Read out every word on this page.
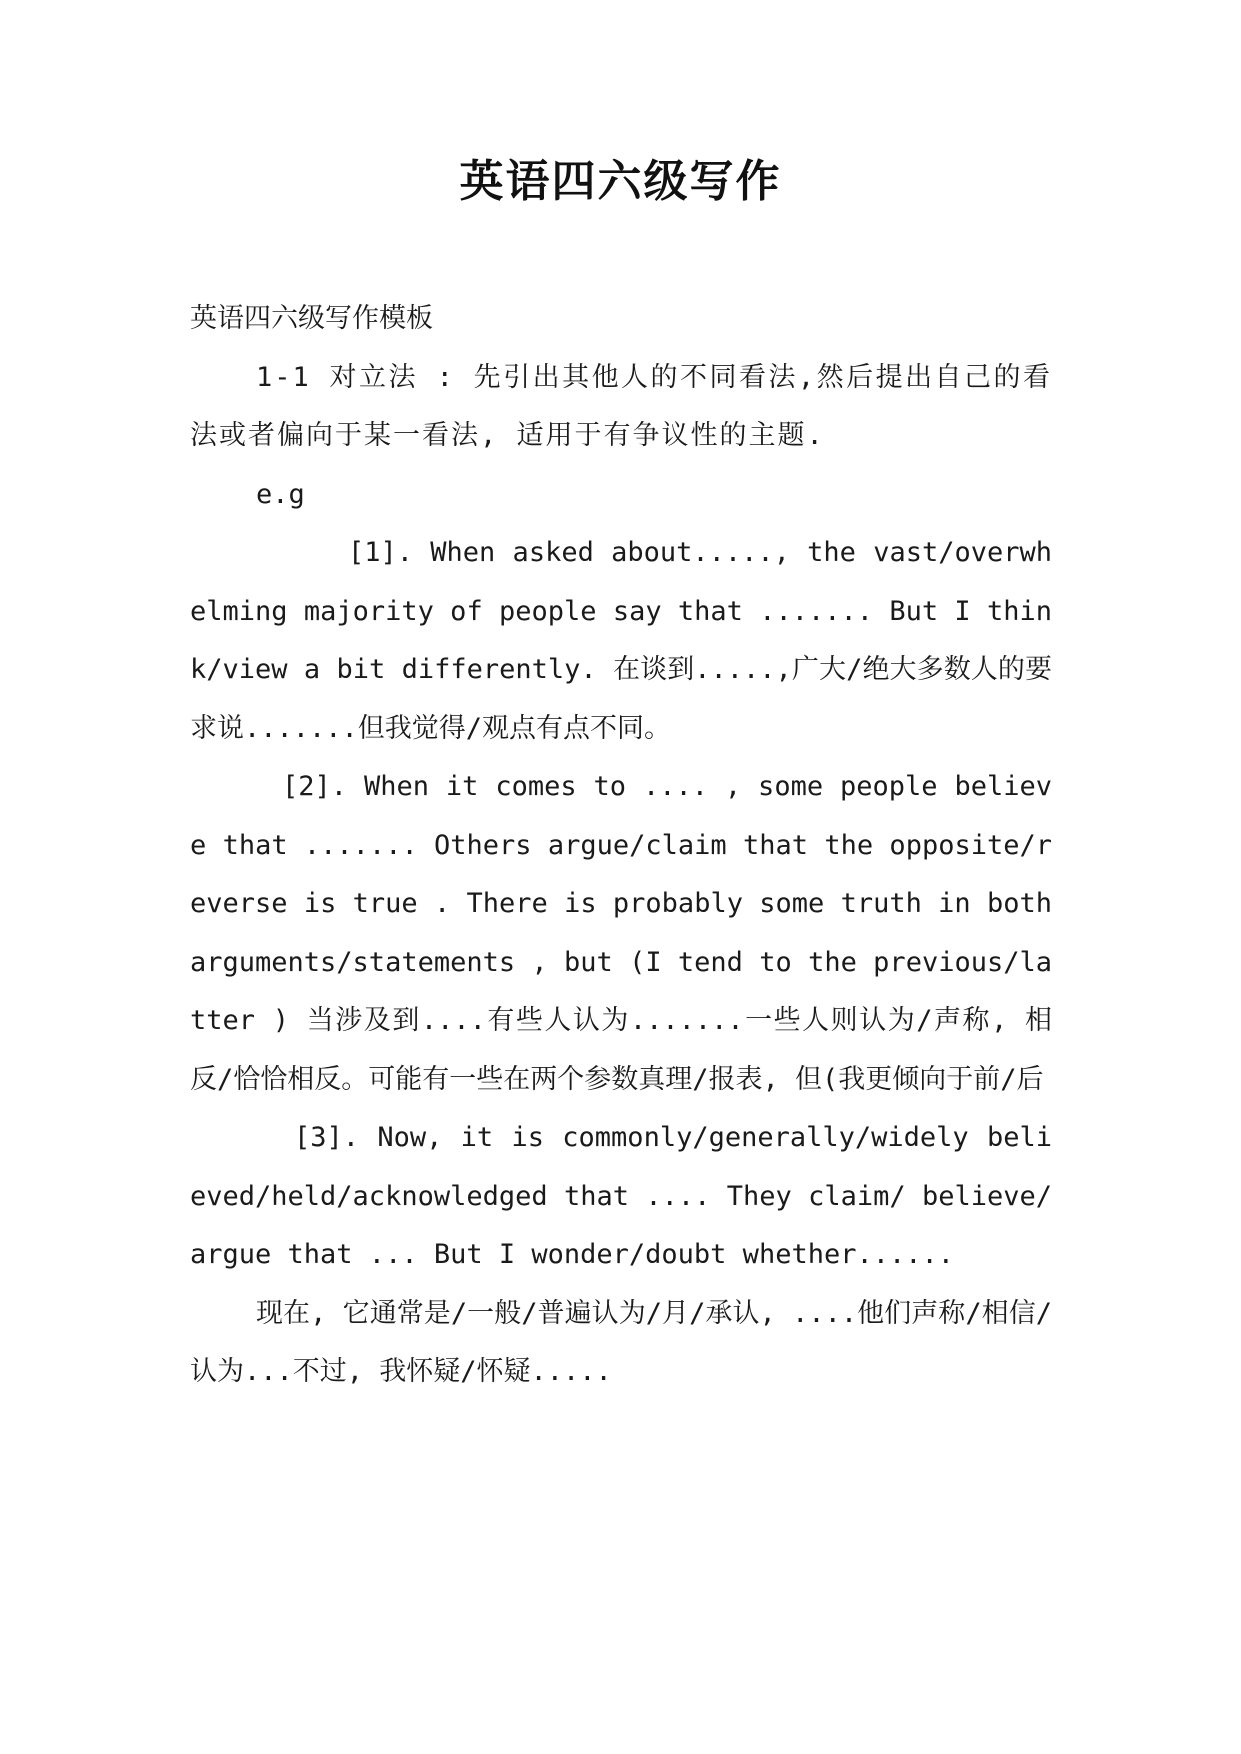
英语四六级写作

英语四六级写作模板

1-1 对立法 : 先引出其他人的不同看法,然后提出自己的看法或者偏向于某一看法, 适用于有争议性的主题.

e.g

[1]. When asked about....., the vast/overwhelming majority of people say that ....... But I think/view a bit differently. 在谈到.....,广大/绝大多数人的要求说.......但我觉得/观点有点不同。

[2]. When it comes to .... , some people believe that ....... Others argue/claim that the opposite/reverse is true . There is probably some truth in both arguments/statements , but (I tend to the previous/latter ) 当涉及到....有些人认为.......一些人则认为/声称, 相反/恰恰相反。可能有一些在两个参数真理/报表, 但(我更倾向于前/后

[3]. Now, it is commonly/generally/widely believed/held/acknowledged that .... They claim/ believe/argue that ... But I wonder/doubt whether......

现在, 它通常是/一般/普遍认为/月/承认, ....他们声称/相信/认为...不过, 我怀疑/怀疑.....
